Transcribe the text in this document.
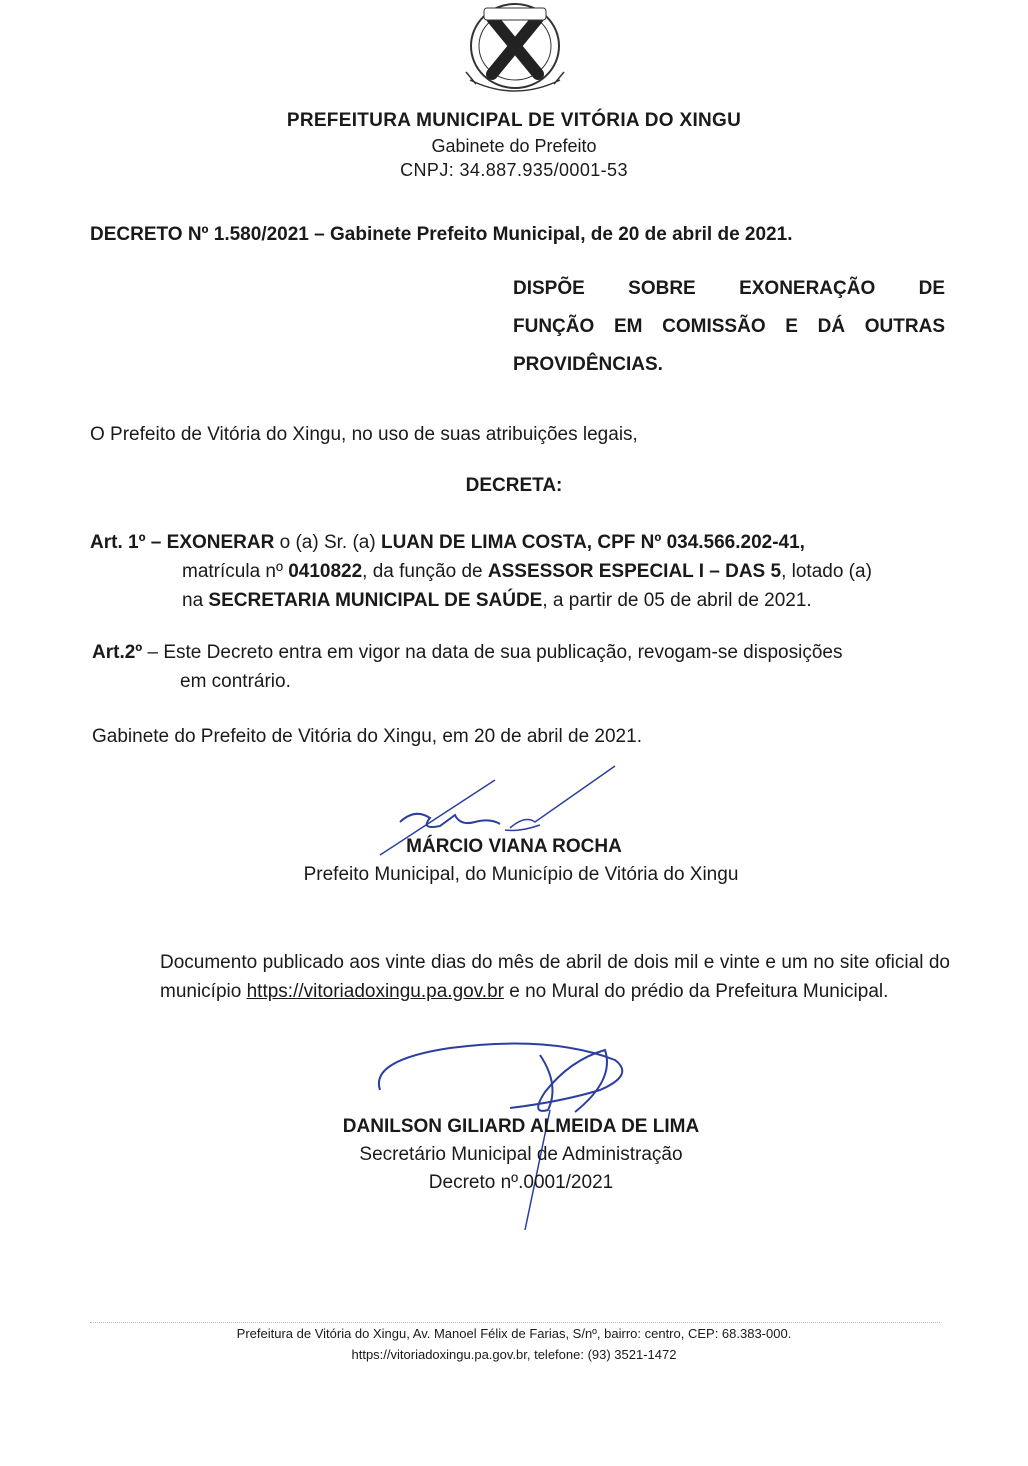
PREFEITURA MUNICIPAL DE VITÓRIA DO XINGU
Gabinete do Prefeito
CNPJ: 34.887.935/0001-53
DECRETO Nº 1.580/2021 – Gabinete Prefeito Municipal, de 20 de abril de 2021.
DISPÕE SOBRE EXONERAÇÃO DE FUNÇÃO EM COMISSÃO E DÁ OUTRAS PROVIDÊNCIAS.
O Prefeito de Vitória do Xingu, no uso de suas atribuições legais,
DECRETA:
Art. 1º – EXONERAR o (a) Sr. (a) LUAN DE LIMA COSTA, CPF Nº 034.566.202-41,
matrícula nº 0410822, da função de ASSESSOR ESPECIAL I – DAS 5, lotado (a)
na SECRETARIA MUNICIPAL DE SAÚDE, a partir de 05 de abril de 2021.
Art.2º – Este Decreto entra em vigor na data de sua publicação, revogam-se disposições
em contrário.
Gabinete do Prefeito de Vitória do Xingu, em 20 de abril de 2021.
MÁRCIO VIANA ROCHA
Prefeito Municipal, do Município de Vitória do Xingu
Documento publicado aos vinte dias do mês de abril de dois mil e vinte e um no site oficial do município https://vitoriadoxingu.pa.gov.br e no Mural do prédio da Prefeitura Municipal.
DANILSON GILIARD ALMEIDA DE LIMA
Secretário Municipal de Administração
Decreto nº.0001/2021
Prefeitura de Vitória do Xingu, Av. Manoel Félix de Farias, S/nº, bairro: centro, CEP: 68.383-000.
https://vitoriadoxingu.pa.gov.br, telefone: (93) 3521-1472
